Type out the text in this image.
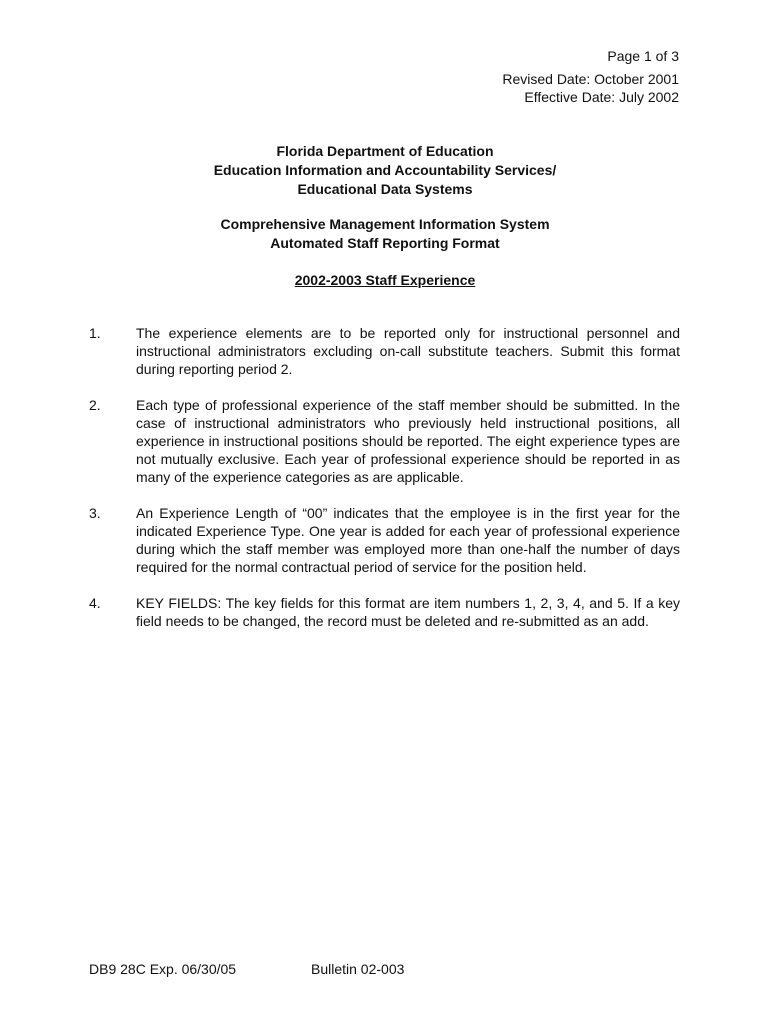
Page 1 of 3
Revised Date: October 2001
Effective Date: July 2002
Florida Department of Education
Education Information and Accountability Services/
Educational Data Systems
Comprehensive Management Information System
Automated Staff Reporting Format
2002-2003 Staff Experience
1.	The experience elements are to be reported only for instructional personnel and instructional administrators excluding on-call substitute teachers. Submit this format during reporting period 2.
2.	Each type of professional experience of the staff member should be submitted. In the case of instructional administrators who previously held instructional positions, all experience in instructional positions should be reported. The eight experience types are not mutually exclusive. Each year of professional experience should be reported in as many of the experience categories as are applicable.
3.	An Experience Length of “00” indicates that the employee is in the first year for the indicated Experience Type. One year is added for each year of professional experience during which the staff member was employed more than one-half the number of days required for the normal contractual period of service for the position held.
4.	KEY FIELDS: The key fields for this format are item numbers 1, 2, 3, 4, and 5. If a key field needs to be changed, the record must be deleted and re-submitted as an add.
DB9 28C Exp. 06/30/05	Bulletin 02-003
